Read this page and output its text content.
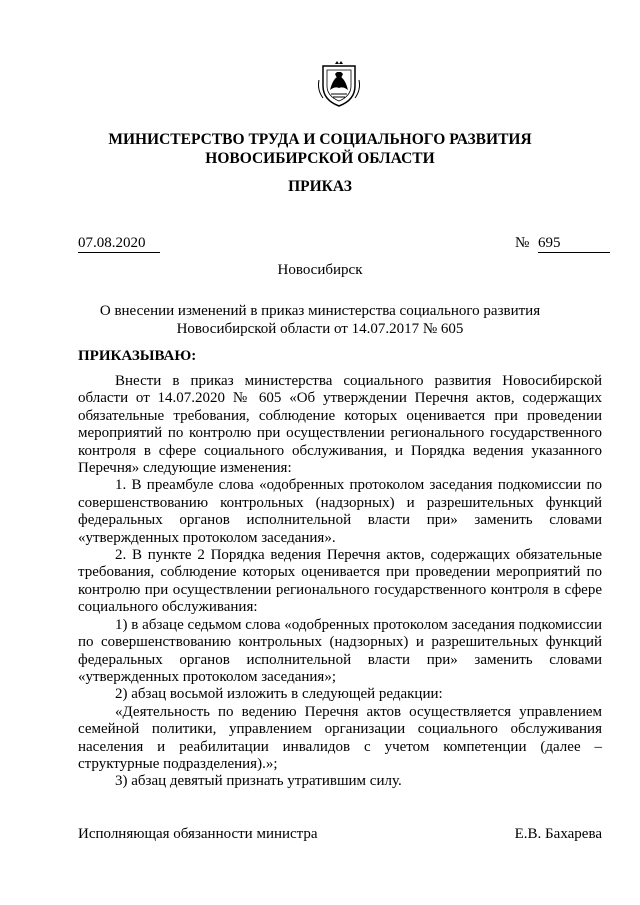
МИНИСТЕРСТВО ТРУДА И СОЦИАЛЬНОГО РАЗВИТИЯ
НОВОСИБИРСКОЙ ОБЛАСТИ
ПРИКАЗ
07.08.2020	№ 695
Новосибирск
О внесении изменений в приказ министерства социального развития
Новосибирской области от 14.07.2017 № 605
ПРИКАЗЫВАЮ:

Внести в приказ министерства социального развития Новосибирской области от 14.07.2020 № 605 «Об утверждении Перечня актов, содержащих обязательные требования, соблюдение которых оценивается при проведении мероприятий по контролю при осуществлении регионального государственного контроля в сфере социального обслуживания, и Порядка ведения указанного Перечня» следующие изменения:

1. В преамбуле слова «одобренных протоколом заседания подкомиссии по совершенствованию контрольных (надзорных) и разрешительных функций федеральных органов исполнительной власти при» заменить словами «утвержденных протоколом заседания».

2. В пункте 2 Порядка ведения Перечня актов, содержащих обязательные требования, соблюдение которых оценивается при проведении мероприятий по контролю при осуществлении регионального государственного контроля в сфере социального обслуживания:

1) в абзаце седьмом слова «одобренных протоколом заседания подкомиссии по совершенствованию контрольных (надзорных) и разрешительных функций федеральных органов исполнительной власти при» заменить словами «утвержденных протоколом заседания»;

2) абзац восьмой изложить в следующей редакции:

«Деятельность по ведению Перечня актов осуществляется управлением семейной политики, управлением организации социального обслуживания населения и реабилитации инвалидов с учетом компетенции (далее – структурные подразделения).»;

3) абзац девятый признать утратившим силу.

Исполняющая обязанности министра	Е.В. Бахарева
